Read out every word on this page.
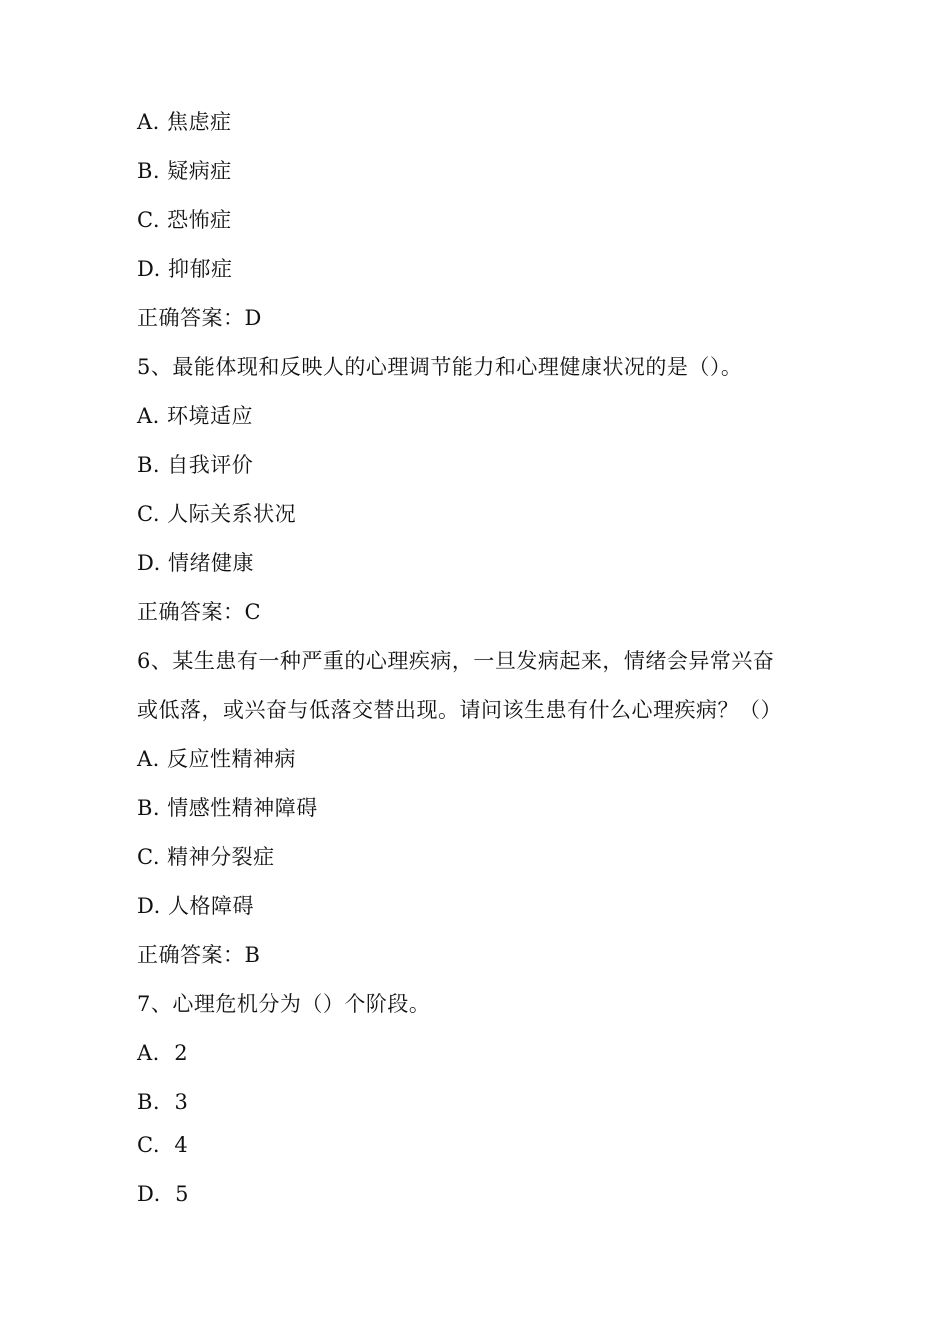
A. 焦虑症
B. 疑病症
C. 恐怖症
D. 抑郁症
正确答案：D
5、最能体现和反映人的心理调节能力和心理健康状况的是（）。
A. 环境适应
B. 自我评价
C. 人际关系状况
D. 情绪健康
正确答案：C
6、某生患有一种严重的心理疾病，一旦发病起来，情绪会异常兴奋
或低落，或兴奋与低落交替出现。请问该生患有什么心理疾病？（）
A. 反应性精神病
B. 情感性精神障碍
C. 精神分裂症
D. 人格障碍
正确答案：B
7、心理危机分为（）个阶段。
A.  2
B.  3
C.  4
D.  5
